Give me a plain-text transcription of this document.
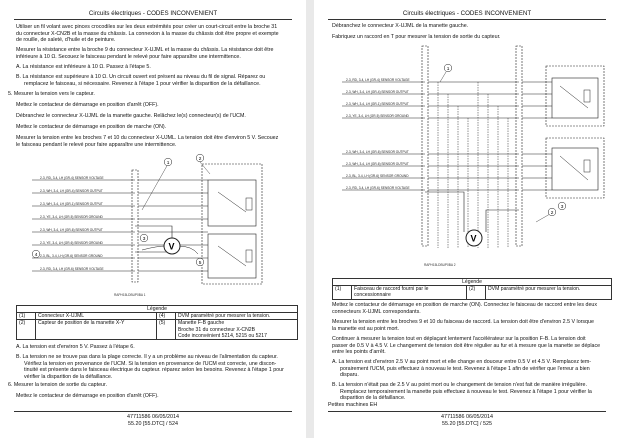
Circuits électriques - CODES INCONVENIENT
Utiliser un fil volant avec pinces crocodiles sur les deux extrémités pour créer un court-circuit entre la broche 31
du connecteur X-CN2B et la masse du châssis. La connexion à la masse du châssis doit être propre et exempte
de rouille, de saleté, d'huile et de peinture.
Mesurer la résistance entre la broche 9 du connecteur X-UJML et la masse du châssis. La résistance doit être
inférieure à 10 Ω. Secouez le faisceau pendant le relevé pour faire apparaître une intermittence.
A. La résistance est inférieure à 10 Ω. Passez à l'étape 5.
B. La résistance est supérieure à 10 Ω. Un circuit ouvert est présent au niveau du fil de signal. Réparez ou
remplacez le faisceau, si nécessaire. Revenez à l'étape 1 pour vérifier la disparition de la défaillance.
5. Mesurer la tension vers le capteur.
Mettez le contacteur de démarrage en position d'arrêt (OFF).
Débranchez le connecteur X-UJML de la manette gauche. Relâchez le(s) connecteur(s) de l'UCM.
Mettez le contacteur de démarrage en position de marche (ON).
Mesurer la tension entre les broches 7 et 10 du connecteur X-UJML. La tension doit être d'environ 5 V. Secouez
le faisceau pendant le relevé pour faire apparaître une intermittence.
2-3, RD, 3-4, LH (GR-4) SENSOR VOLTAGE
2-3, WH, 3-4, LH (GR-4) SENSOR OUTPUT
2-3, WH, 3-4, LH (GR-1) SENSOR OUTPUT
2-3, YE, 3-4, LH (GR-5) SENSOR GROUND
2-3, WH, 3-4, LH (GR-6) SENSOR OUTPUT
2-3, YE, 3-4, LH (GR-6) SENSOR GROUND
2-3, BL, 3-4, LH (GR-6) SENSOR GROUND
2-3, RD, 3-4, LH (GR-6) SENSOR VOLTAGE
V
1
2
3
4
5
RAPH15LDBUP0BA 1
Légende			
(1)	Connecteur X-UJML	(4)	DVM paramétré pour mesurer la tension.
(2)	Capteur de position de la manette X-Y	(5)	Manette F-B gauche
Broche 31 du connecteur X-CN2B
Code inconvénient 5214, 5215 ou 5217
A. La tension est d'environ 5 V. Passez à l'étape 6.
B. La tension ne se trouve pas dans la plage correcte. Il y a un problème au niveau de l'alimentation du capteur.
Vérifiez la tension en provenance de l'UCM. Si la tension en provenance de l'UCM est correcte, une discon-
tinuité est présente dans le faisceau électrique du capteur. réparez selon les besoins. Revenez à l'étape 1 pour
vérifier la disparition de la défaillance.
6. Mesurer la tension de sortie du capteur.
Mettez le contacteur de démarrage en position d'arrêt (OFF).
47711586 06/05/2014
55.20 [55.DTC] / 524
Circuits électriques - CODES INCONVENIENT
Débranchez le connecteur X-UJML de la manette gauche.
Fabriquez un raccord en T pour mesurer la tension de sortie du capteur.
2-3, RD, 3-4, LH (GR-4) SENSOR VOLTAGE
2-3, WH, 3-4, LH (GR-4) SENSOR OUTPUT
2-3, WH, 3-4, LH (GR-1) SENSOR OUTPUT
2-3, YE, 3-4, LH (GR-5) SENSOR GROUND
2-3, WH, 3-4, LH (GR-6) SENSOR OUTPUT
2-3, WH, 3-4, LH (GR-6) SENSOR OUTPUT
2-3, BL, 3-4, LH (GR-6) SENSOR GROUND
2-3, RD, 3-4, LH (GR-6) SENSOR VOLTAGE
V
1
2
3
RAPH15LDBUP0BA 2
Légende
(1)	Faisceau de raccord fourni par le
concessionnaire
	(2)	DVM paramétré pour mesurer la tension.
Mettez le contacteur de démarrage en position de marche (ON). Connectez le faisceau de raccord entre les deux
connecteurs X-UJML correspondants.
Mesurer la tension entre les broches 9 et 10 du faisceau de raccord. La tension doit être d'environ 2.5 V lorsque
la manette est au point mort.
Continuer à mesurer la tension tout en déplaçant lentement l'accélérateur sur la position F-B. La tension doit
passer de 0.5 V à 4.5 V. Le changement de tension doit être régulier au fur et à mesure que la manette se déplace
entre les points d'arrêt.
A. La tension est d'environ 2.5 V au point mort et elle change en douceur entre 0.5 V et 4.5 V. Remplacez tem-
porairement l'UCM, puis effectuez à nouveau le test. Revenez à l'étape 1 afin de vérifier que l'erreur a bien
disparu.
B. La tension n'était pas de 2.5 V au point mort ou le changement de tension n'est fait de manière irrégulière.
Remplacez temporairement la manette puis effectuez à nouveau le test. Revenez à l'étape 1 pour vérifier la
disparition de la défaillance.
Petites machines EH
47711586 06/05/2014
55.20 [55.DTC] / 525
